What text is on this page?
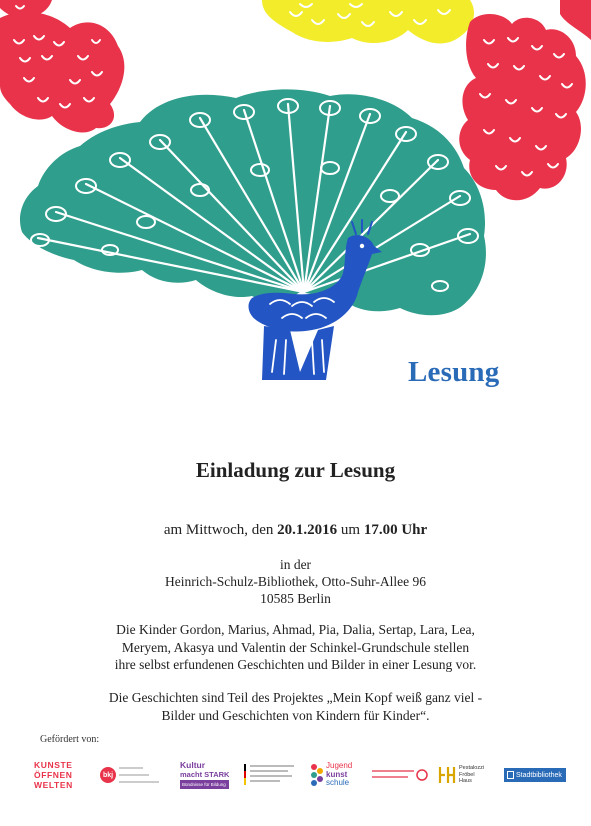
Lesung
Einladung zur Lesung
am Mittwoch, den 20.1.2016 um 17.00 Uhr
in der
Heinrich-Schulz-Bibliothek, Otto-Suhr-Allee 96
10585 Berlin
Die Kinder Gordon, Marius, Ahmad, Pia, Dalia, Sertap, Lara, Lea,
Meryem, Akasya und Valentin der Schinkel-Grundschule stellen
ihre selbst erfundenen Geschichten und Bilder in einer Lesung vor.
Die Geschichten sind Teil des Projektes „Mein Kopf weiß ganz viel -
Bilder und Geschichten von Kindern für Kinder“.
Gefördert von:
KUNSTE
ÖFFNEN
WELTEN
bkj
Kultur
macht STARK
Bündnisse für Bildung
Jugend
kunst
schule
Pestalozzi
Fröbel
Haus
Stadtbibliothek
